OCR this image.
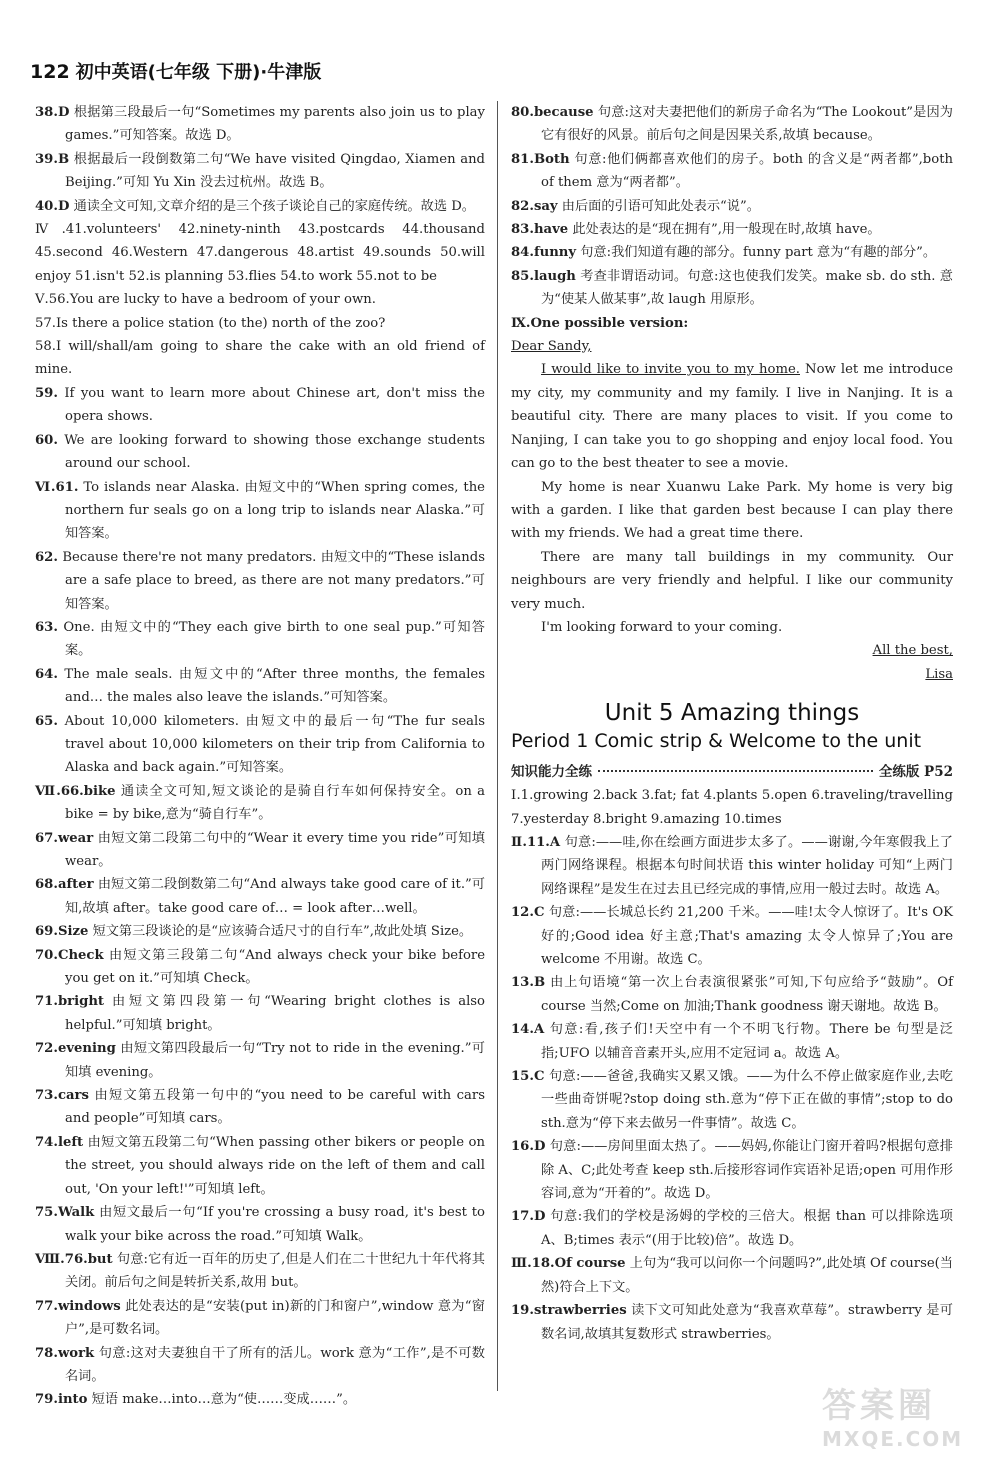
122 初中英语(七年级 下册)·牛津版

38.D 根据第三段最后一句“Sometimes my parents also join us to play games.”可知答案。故选 D。

39.B 根据最后一段倒数第二句“We have visited Qingdao, Xiamen and Beijing.”可知 Yu Xin 没去过杭州。故选 B。

40.D 通读全文可知,文章介绍的是三个孩子谈论自己的家庭传统。故选 D。

Ⅳ.41.volunteers' 42.ninety-ninth 43.postcards 44.thousand 45.second 46.Western 47.dangerous 48.artist 49.sounds 50.will enjoy 51.isn't 52.is planning 53.flies 54.to work 55.not to be

Ⅴ.56.You are lucky to have a bedroom of your own.

57.Is there a police station (to the) north of the zoo?

58.I will/shall/am going to share the cake with an old friend of mine.

59. If you want to learn more about Chinese art, don't miss the opera shows.

60. We are looking forward to showing those exchange students around our school.

Ⅵ.61. To islands near Alaska. 由短文中的“When spring comes, the northern fur seals go on a long trip to islands near Alaska.”可知答案。

62. Because there're not many predators. 由短文中的“These islands are a safe place to breed, as there are not many predators.”可知答案。

63. One. 由短文中的“They each give birth to one seal pup.”可知答案。

64. The male seals. 由短文中的“After three months, the females and… the males also leave the islands.”可知答案。

65. About 10,000 kilometers. 由短文中的最后一句“The fur seals travel about 10,000 kilometers on their trip from California to Alaska and back again.”可知答案。

Ⅶ.66.bike 通读全文可知,短文谈论的是骑自行车如何保持安全。on a bike = by bike,意为“骑自行车”。

67.wear 由短文第二段第二句中的“Wear it every time you ride”可知填 wear。

68.after 由短文第二段倒数第二句“And always take good care of it.”可知,故填 after。take good care of… = look after…well。

69.Size 短文第三段谈论的是“应该骑合适尺寸的自行车”,故此处填 Size。

70.Check 由短文第三段第二句“And always check your bike before you get on it.”可知填 Check。

71.bright 由短文第四段第一句“Wearing bright clothes is also helpful.”可知填 bright。

72.evening 由短文第四段最后一句“Try not to ride in the evening.”可知填 evening。

73.cars 由短文第五段第一句中的“you need to be careful with cars and people”可知填 cars。

74.left 由短文第五段第二句“When passing other bikers or people on the street, you should always ride on the left of them and call out, 'On your left!'”可知填 left。

75.Walk 由短文最后一句“If you're crossing a busy road, it's best to walk your bike across the road.”可知填 Walk。

Ⅷ.76.but 句意:它有近一百年的历史了,但是人们在二十世纪九十年代将其关闭。前后句之间是转折关系,故用 but。

77.windows 此处表达的是“安装(put in)新的门和窗户”,window 意为“窗户”,是可数名词。

78.work 句意:这对夫妻独自干了所有的活儿。work 意为“工作”,是不可数名词。

79.into 短语 make…into…意为“使……变成……”。

80.because 句意:这对夫妻把他们的新房子命名为“The Lookout”是因为它有很好的风景。前后句之间是因果关系,故填 because。

81.Both 句意:他们俩都喜欢他们的房子。both 的含义是“两者都”,both of them 意为“两者都”。

82.say 由后面的引语可知此处表示“说”。

83.have 此处表达的是“现在拥有”,用一般现在时,故填 have。

84.funny 句意:我们知道有趣的部分。funny part 意为“有趣的部分”。

85.laugh 考查非谓语动词。句意:这也使我们发笑。make sb. do sth. 意为“使某人做某事”,故 laugh 用原形。

Ⅸ.One possible version:

Dear Sandy,

I would like to invite you to my home. Now let me introduce my city, my community and my family. I live in Nanjing. It is a beautiful city. There are many places to visit. If you come to Nanjing, I can take you to go shopping and enjoy local food. You can go to the best theater to see a movie.

My home is near Xuanwu Lake Park. My home is very big with a garden. I like that garden best because I can play there with my friends. We had a great time there.

There are many tall buildings in my community. Our neighbours are very friendly and helpful. I like our community very much.

I'm looking forward to your coming.

All the best,

Lisa

Unit 5 Amazing things
Period 1 Comic strip & Welcome to the unit
知识能力全练	全练版 P52

Ⅰ.1.growing 2.back 3.fat; fat 4.plants 5.open 6.traveling/travelling 7.yesterday 8.bright 9.amazing 10.times

Ⅱ.11.A 句意:——哇,你在绘画方面进步太多了。——谢谢,今年寒假我上了两门网络课程。根据本句时间状语 this winter holiday 可知“上两门网络课程”是发生在过去且已经完成的事情,应用一般过去时。故选 A。

12.C 句意:——长城总长约 21,200 千米。——哇!太令人惊讶了。It's OK 好的;Good idea 好主意;That's amazing 太令人惊异了;You are welcome 不用谢。故选 C。

13.B 由上句语境“第一次上台表演很紧张”可知,下句应给予“鼓励”。Of course 当然;Come on 加油;Thank goodness 谢天谢地。故选 B。

14.A 句意:看,孩子们!天空中有一个不明飞行物。There be 句型是泛指;UFO 以辅音音素开头,应用不定冠词 a。故选 A。

15.C 句意:——爸爸,我确实又累又饿。——为什么不停止做家庭作业,去吃一些曲奇饼呢?stop doing sth.意为“停下正在做的事情”;stop to do sth.意为“停下来去做另一件事情”。故选 C。

16.D 句意:——房间里面太热了。——妈妈,你能让门窗开着吗?根据句意排除 A、C;此处考查 keep sth.后接形容词作宾语补足语;open 可用作形容词,意为“开着的”。故选 D。

17.D 句意:我们的学校是汤姆的学校的三倍大。根据 than 可以排除选项 A、B;times 表示“(用于比较)倍”。故选 D。

Ⅲ.18.Of course 上句为“我可以问你一个问题吗?”,此处填 Of course(当然)符合上下文。

19.strawberries 读下文可知此处意为“我喜欢草莓”。strawberry 是可数名词,故填其复数形式 strawberries。

答案圈
MXQE.COM
